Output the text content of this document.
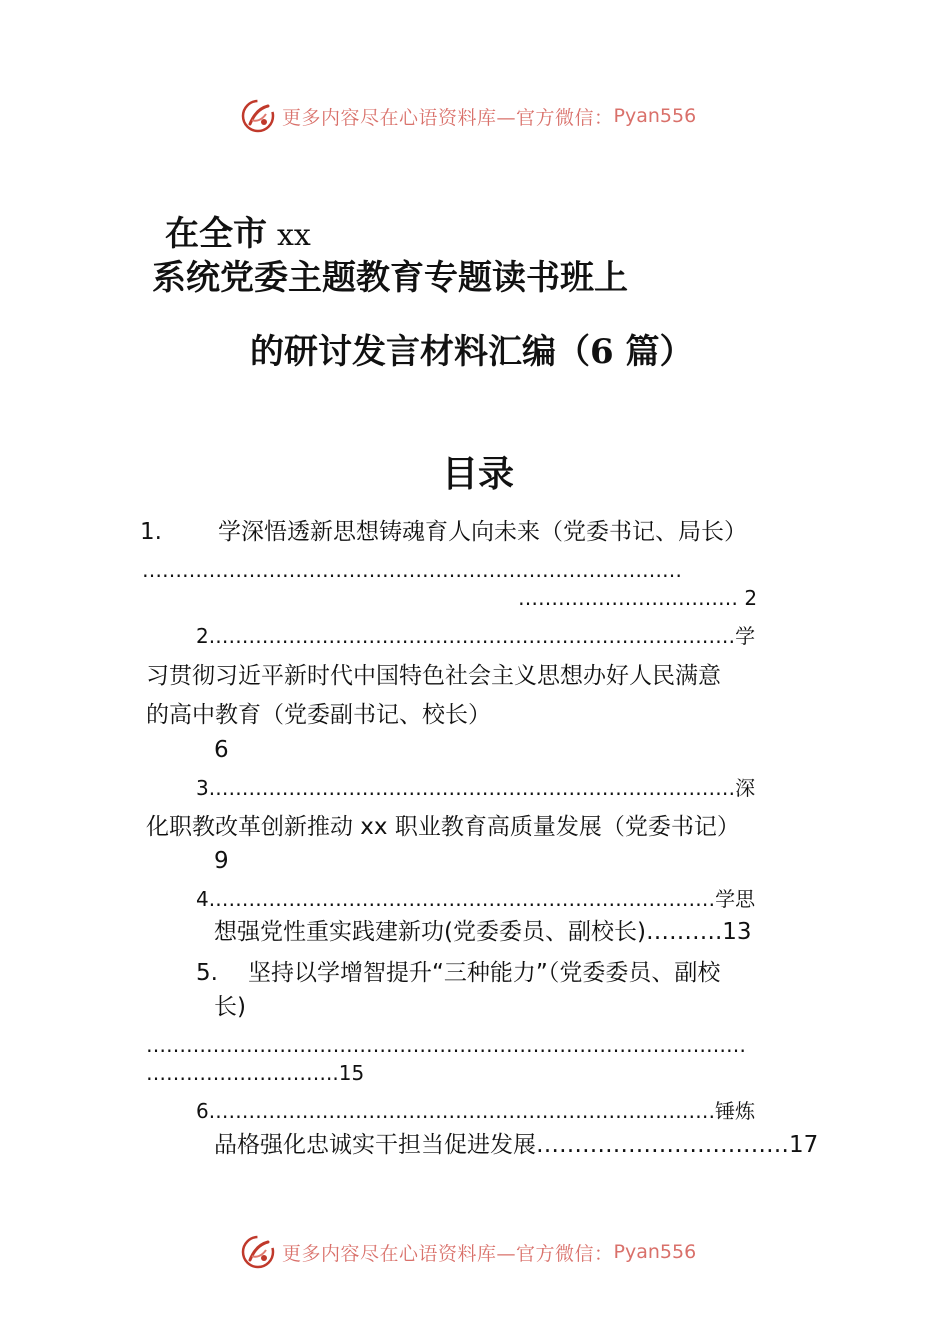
更多内容尽在心语资料库—官方微信： Pyan556
在全市 xx
系统党委主题教育专题读书班上
的研讨发言材料汇编（6 篇）
目录
1. 学深悟透新思想铸魂育人向未来（党委书记、局长）
………………………………………………………………………
…………………………… 2
2.……………………………………………………………………学
习贯彻习近平新时代中国特色社会主义思想办好人民满意
的高中教育（党委副书记、校长）
6
3.……………………………………………………………………深
化职教改革创新推动 xx 职业教育高质量发展（党委书记）
9
4.…………………………………………………………………学思
想强党性重实践建新功(党委委员、副校长)……….13
5. 坚持以学增智提升“三种能力”（党委委员、副校
长)
………………………………………………………………………………
………………………..15
6.…………………………………………………………………锤炼
品格强化忠诚实干担当促进发展……………………………17
更多内容尽在心语资料库—官方微信： Pyan556
